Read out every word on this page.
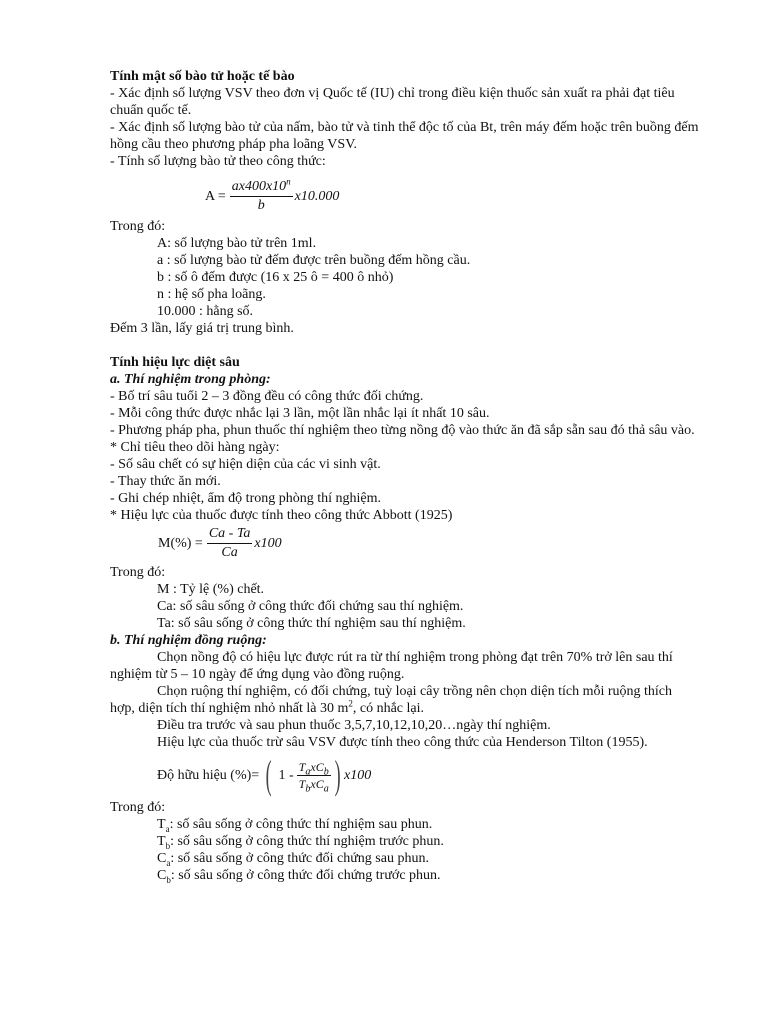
Tính mật số bào tử hoặc tế bào

- Xác định số lượng VSV theo đơn vị Quốc tế (IU) chỉ trong điều kiện thuốc sản xuất ra phải đạt tiêu chuẩn quốc tế.

- Xác định số lượng bào tử của nấm, bào tử và tinh thể độc tố của Bt, trên máy đếm hoặc trên buồng đếm hồng cầu theo phương pháp pha loãng VSV.

- Tính số lượng bào tử theo công thức:

$A = \frac{ax400x10^n}{b} x10.000$

Trong đó:

A: số lượng bào tử trên 1ml.

a : số lượng bào tử đếm được trên buồng đếm hồng cầu.

b : số ô đếm được (16 x 25 ô = 400 ô nhỏ)

n : hệ số pha loãng.

10.000 : hằng số.

Đếm 3 lần, lấy giá trị trung bình.

Tính hiệu lực diệt sâu

a. Thí nghiệm trong phòng:

- Bố trí sâu tuổi 2 – 3 đồng đều có công thức đối chứng.

- Mỗi công thức được nhắc lại 3 lần, một lần nhắc lại ít nhất 10 sâu.

- Phương pháp pha, phun thuốc thí nghiệm theo từng nồng độ vào thức ăn đã sắp sẵn sau đó thả sâu vào.

* Chỉ tiêu theo dõi hàng ngày:

- Số sâu chết có sự hiện diện của các vi sinh vật.

- Thay thức ăn mới.

- Ghi chép nhiệt, ẩm độ trong phòng thí nghiệm.

* Hiệu lực của thuốc được tính theo công thức Abbott (1925)

$M(\%) = \frac{Ca - Ta}{Ca} x100$

Trong đó:

M : Tỷ lệ (%) chết.

Ca: số sâu sống ở công thức đối chứng sau thí nghiệm.

Ta: số sâu sống ở công thức thí nghiệm sau thí nghiệm.

b. Thí nghiệm đồng ruộng:

Chọn nồng độ có hiệu lực được rút ra từ thí nghiệm trong phòng đạt trên 70% trở lên sau thí nghiệm từ 5 – 10 ngày để ứng dụng vào đồng ruộng.

Chọn ruộng thí nghiệm, có đối chứng, tuỳ loại cây trồng nên chọn diện tích mỗi ruộng thích hợp, diện tích thí nghiệm nhỏ nhất là 30 $m^2$, có nhắc lại.

Điều tra trước và sau phun thuốc 3,5,7,10,12,10,20…ngày thí nghiệm.

Hiệu lực của thuốc trừ sâu VSV được tính theo công thức của Henderson Tilton (1955).

Độ hữu hiệu (%)= ( $1 - \frac{T_axC_b}{T_bxC_a}$ ) x100

Trong đó:

$T_a$: số sâu sống ở công thức thí nghiệm sau phun.

$T_b$: số sâu sống ở công thức thí nghiệm trước phun.

$C_a$: số sâu sống ở công thức đối chứng sau phun.

$C_b$: số sâu sống ở công thức đối chứng trước phun.
